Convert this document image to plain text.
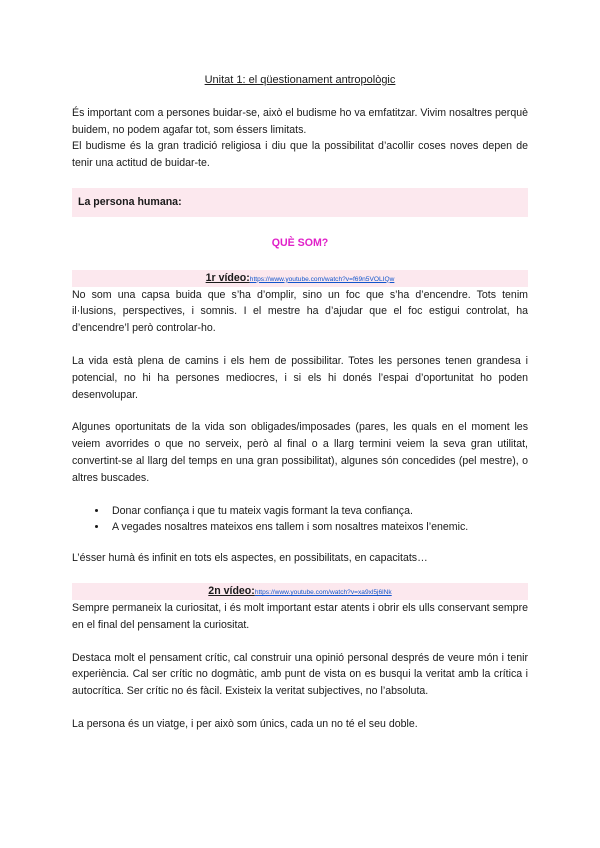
Unitat 1: el qüestionament antropològic

És important com a persones buidar-se, això el budisme ho va emfatitzar. Vivim nosaltres perquè buidem, no podem agafar tot, som éssers limitats.

El budisme és la gran tradició religiosa i diu que la possibilitat d’acollir coses noves depen de tenir una actitud de buidar-te.

La persona humana:
QUÈ SOM?
1r vídeo:https://www.youtube.com/watch?v=f69n5VOLIQw

No som una capsa buida que s’ha d’omplir, sino un foc que s’ha d’encendre. Tots tenim il·lusions, perspectives, i somnis. I el mestre ha d’ajudar que el foc estigui controlat, ha d’encendre’l però controlar-ho.

La vida està plena de camins i els hem de possibilitar. Totes les persones tenen grandesa i potencial, no hi ha persones mediocres, i si els hi donés l’espai d’oportunitat ho poden desenvolupar.

Algunes oportunitats de la vida son obligades/imposades (pares, les quals en el moment les veiem avorrides o que no serveix, però al final o a llarg termini veiem la seva gran utilitat, convertint-se al llarg del temps en una gran possibilitat), algunes són concedides (pel mestre), o altres buscades.

• Donar confiança i que tu mateix vagis formant la teva confiança.
• A vegades nosaltres mateixos ens tallem i som nosaltres mateixos l’enemic.

L’ésser humà és infinit en tots els aspectes, en possibilitats, en capacitats…

2n vídeo:https://www.youtube.com/watch?v=xa9xl5j6lNk

Sempre permaneix la curiositat, i és molt important estar atents i obrir els ulls conservant sempre en el final del pensament la curiositat.

Destaca molt el pensament crític, cal construir una opinió personal després de veure món i tenir experiència. Cal ser crític no dogmàtic, amb punt de vista on es busqui la veritat amb la crítica i autocrítica. Ser crític no és fàcil. Existeix la veritat subjectives, no l’absoluta.

La persona és un viatge, i per això som únics, cada un no té el seu doble.
